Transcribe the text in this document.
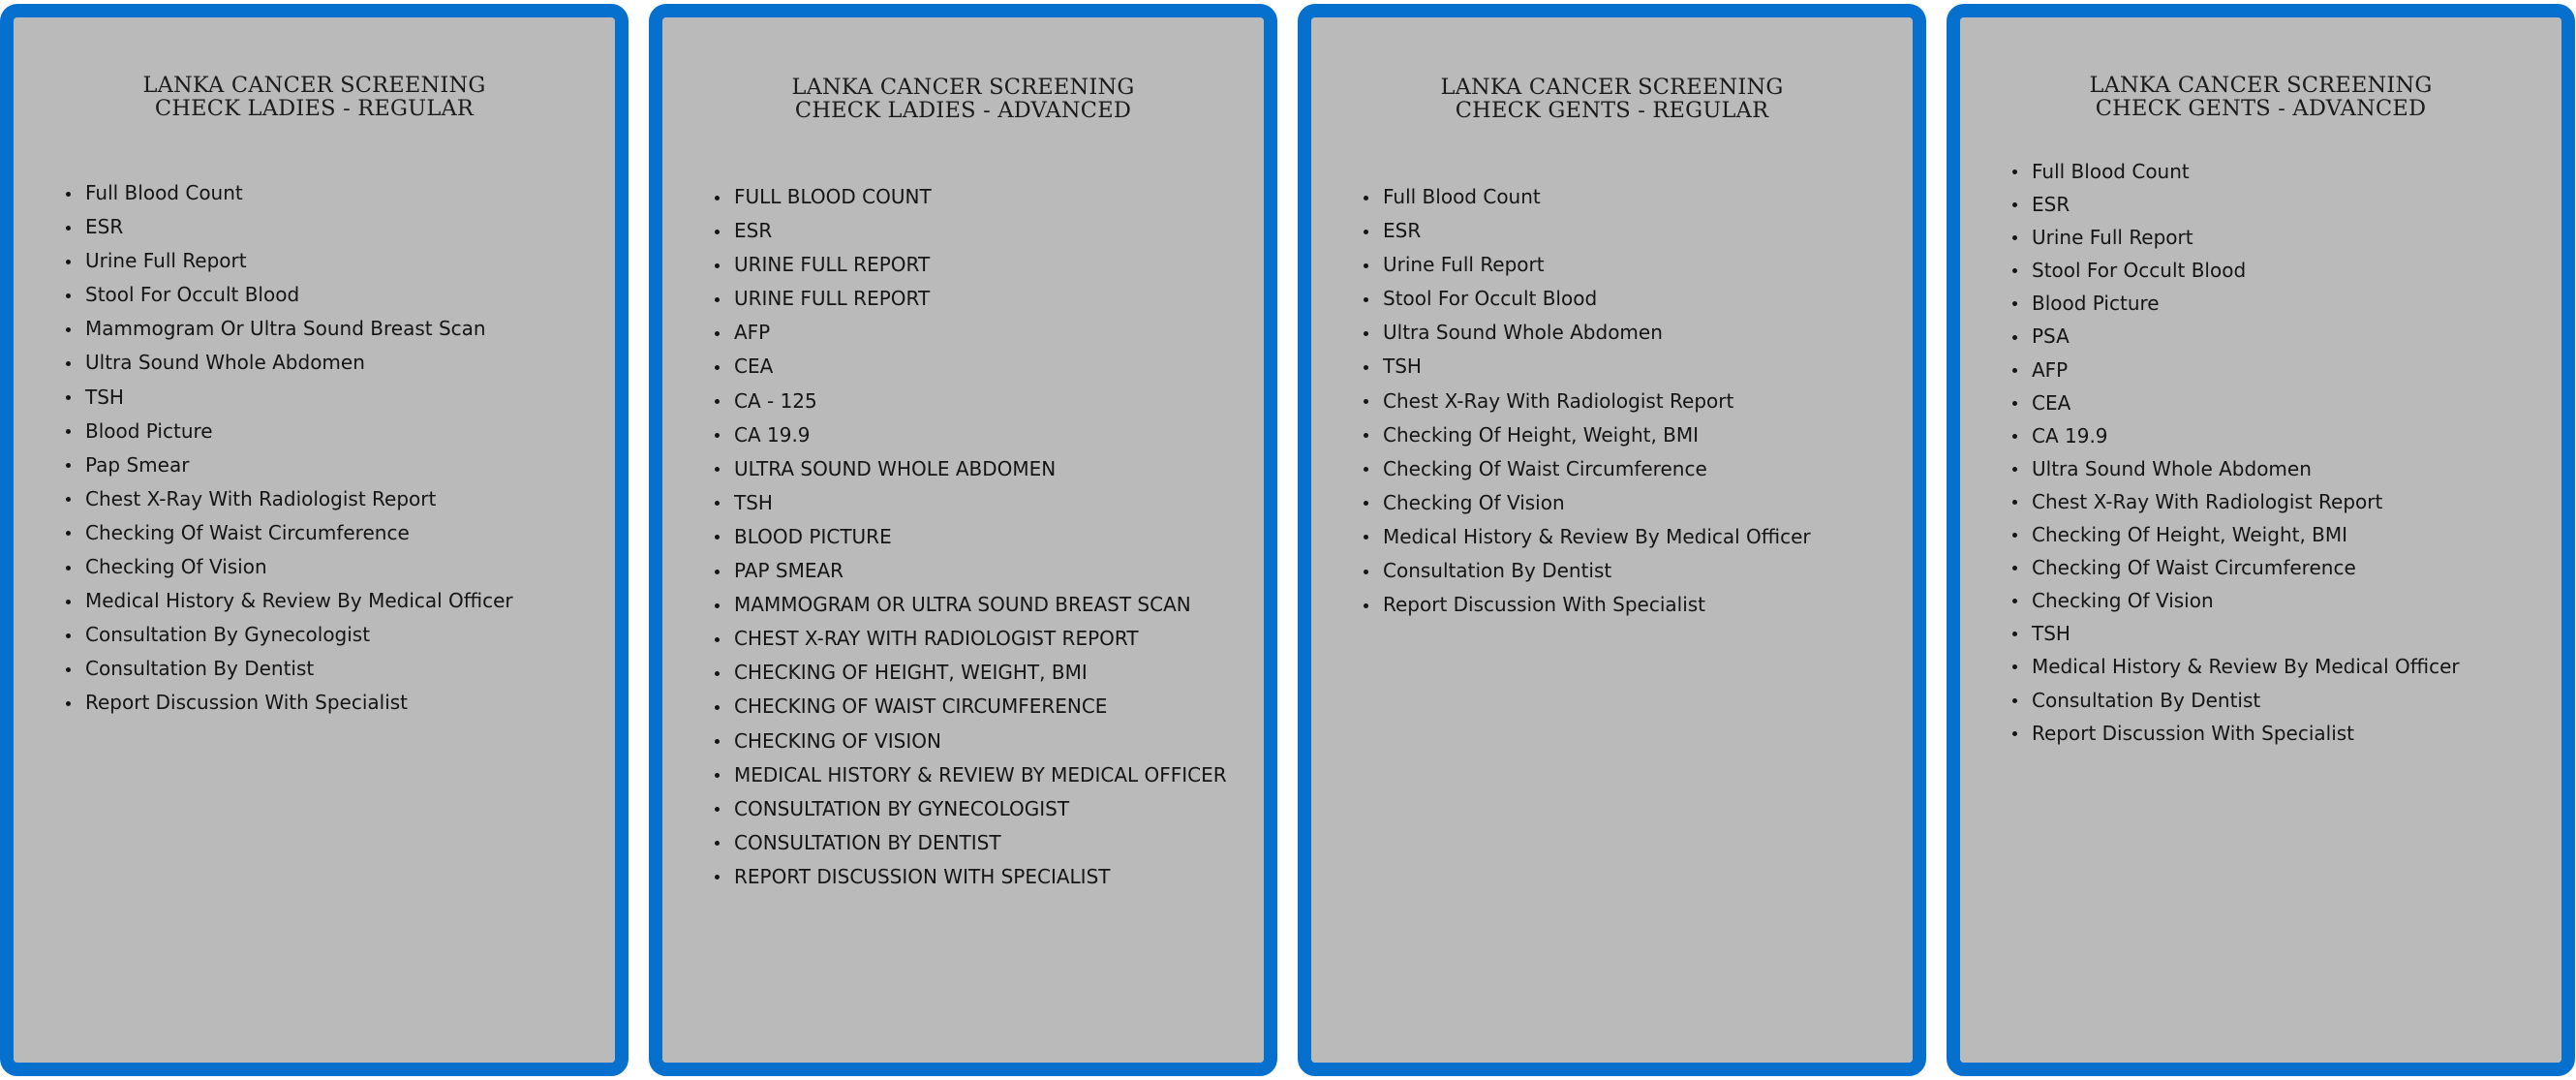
LANKA CANCER SCREENING
CHECK LADIES - REGULAR
Full Blood Count
ESR
Urine Full Report
Stool For Occult Blood
Mammogram Or Ultra Sound Breast Scan
Ultra Sound Whole Abdomen
TSH
Blood Picture
Pap Smear
Chest X-Ray With Radiologist Report
Checking Of Waist Circumference
Checking Of Vision
Medical History & Review By Medical Officer
Consultation By Gynecologist
Consultation By Dentist
Report Discussion With Specialist
LANKA CANCER SCREENING
CHECK LADIES - ADVANCED
FULL BLOOD COUNT
ESR
URINE FULL REPORT
URINE FULL REPORT
AFP
CEA
CA - 125
CA 19.9
ULTRA SOUND WHOLE ABDOMEN
TSH
BLOOD PICTURE
PAP SMEAR
MAMMOGRAM OR ULTRA SOUND BREAST SCAN
CHEST X-RAY WITH RADIOLOGIST REPORT
CHECKING OF HEIGHT, WEIGHT, BMI
CHECKING OF WAIST CIRCUMFERENCE
CHECKING OF VISION
MEDICAL HISTORY & REVIEW BY MEDICAL OFFICER
CONSULTATION BY GYNECOLOGIST
CONSULTATION BY DENTIST
REPORT DISCUSSION WITH SPECIALIST
LANKA CANCER SCREENING
CHECK GENTS - REGULAR
Full Blood Count
ESR
Urine Full Report
Stool For Occult Blood
Ultra Sound Whole Abdomen
TSH
Chest X-Ray With Radiologist Report
Checking Of Height, Weight, BMI
Checking Of Waist Circumference
Checking Of Vision
Medical History & Review By Medical Officer
Consultation By Dentist
Report Discussion With Specialist
LANKA CANCER SCREENING
CHECK GENTS - ADVANCED
Full Blood Count
ESR
Urine Full Report
Stool For Occult Blood
Blood Picture
PSA
AFP
CEA
CA 19.9
Ultra Sound Whole Abdomen
Chest X-Ray With Radiologist Report
Checking Of Height, Weight, BMI
Checking Of Waist Circumference
Checking Of Vision
TSH
Medical History & Review By Medical Officer
Consultation By Dentist
Report Discussion With Specialist
